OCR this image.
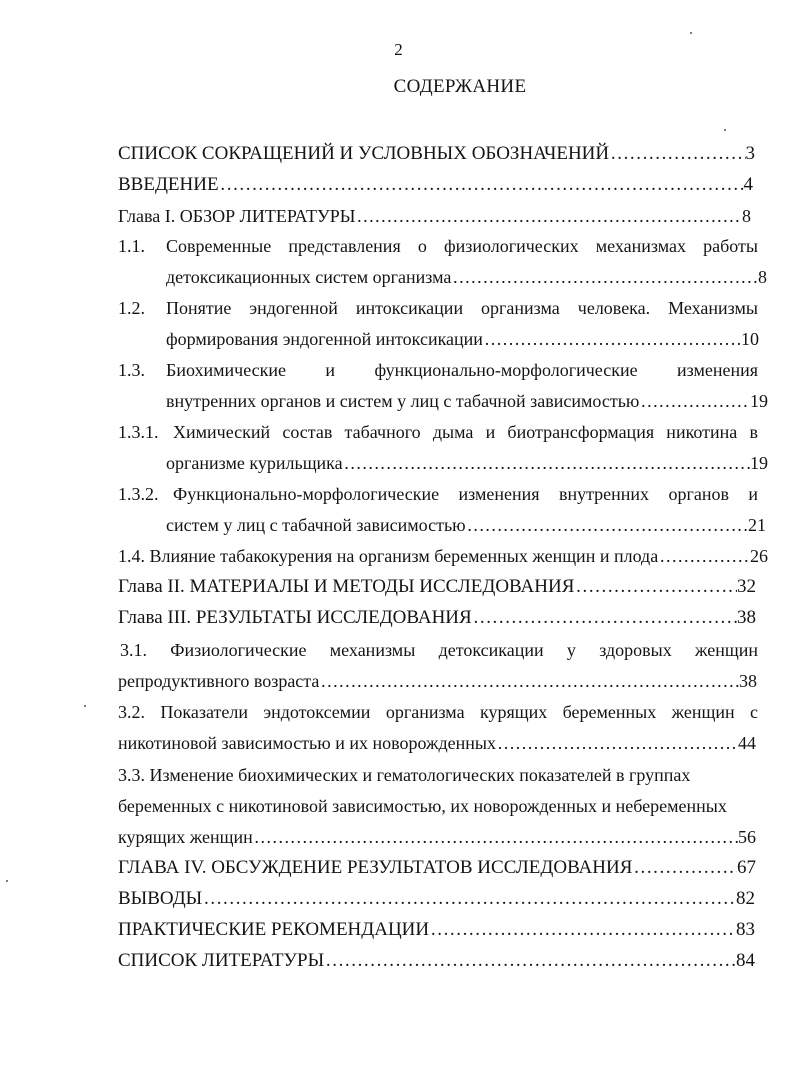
2
СОДЕРЖАНИЕ
СПИСОК СОКРАЩЕНИЙ И УСЛОВНЫХ ОБОЗНАЧЕНИЙ ………………………………………………………………………………………………………………………………………………………………	3
ВВЕДЕНИЕ ………………………………………………………………………………………………………………………………………………………………	4
Глава I. ОБЗОР ЛИТЕРАТУРЫ ………………………………………………………………………………………………………………………………………………………………	8
1.1.	Современные представления о физиологических механизмах работы
детоксикационных систем организма ………………………………………………………………………………………………………………………………………………………………	8
1.2.	Понятие эндогенной интоксикации организма человека. Механизмы
формирования эндогенной интоксикации ………………………………………………………………………………………………………………………………………………………………	10
1.3.	Биохимические и функционально-морфологические изменения
внутренних органов и систем у лиц с табачной зависимостью ………………………………………………………………………………………………………………………………………………………………	19
1.3.1. Химический состав табачного дыма и биотрансформация никотина в
организме курильщика ………………………………………………………………………………………………………………………………………………………………	19
1.3.2. Функционально-морфологические изменения внутренних органов и
систем у лиц с табачной зависимостью ………………………………………………………………………………………………………………………………………………………………	21
1.4. Влияние табакокурения на организм беременных женщин и плода ………………………………………………………………………………………………………………………………………………………………	26
Глава II. МАТЕРИАЛЫ И МЕТОДЫ ИССЛЕДОВАНИЯ ………………………………………………………………………………………………………………………………………………………………	32
Глава III. РЕЗУЛЬТАТЫ ИССЛЕДОВАНИЯ ………………………………………………………………………………………………………………………………………………………………	38
3.1. Физиологические механизмы детоксикации у здоровых женщин
репродуктивного возраста ………………………………………………………………………………………………………………………………………………………………	38
3.2. Показатели эндотоксемии организма курящих беременных женщин с
никотиновой зависимостью и их новорожденных ………………………………………………………………………………………………………………………………………………………………	44
3.3. Изменение биохимических и гематологических показателей в группах
беременных с никотиновой зависимостью, их новорожденных и небеременных
курящих женщин ………………………………………………………………………………………………………………………………………………………………	56
ГЛАВА IV. ОБСУЖДЕНИЕ РЕЗУЛЬТАТОВ ИССЛЕДОВАНИЯ ………………………………………………………………………………………………………………………………………………………………	67
ВЫВОДЫ ………………………………………………………………………………………………………………………………………………………………	82
ПРАКТИЧЕСКИЕ РЕКОМЕНДАЦИИ ………………………………………………………………………………………………………………………………………………………………	83
СПИСОК ЛИТЕРАТУРЫ ………………………………………………………………………………………………………………………………………………………………	84
